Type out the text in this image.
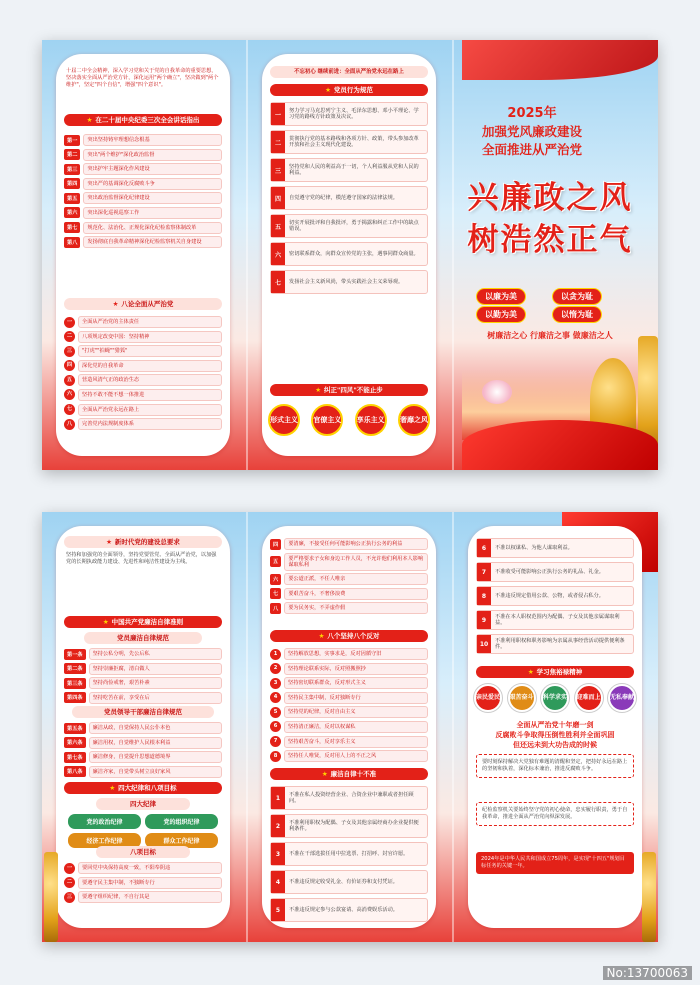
十届二中全会精神，深入学习党和关于党的自我革命的重要思想，坚决落实全面从严治党方针，深化运用"两个确立"，坚决做到"两个维护"，坚定"四个自信"，增强"四个意识"。
★ 在二十届中央纪委三次全会讲话指出
第一	突出坚持铸牢理想信念根基
第二	突出"两个维护"深化政治监督
第三	突出护牢主题深化作风建设
第四	突出严的基调深化反腐败斗争
第五	突出政治监督深化纪律建设
第六	突出深化巡视巡察工作
第七	规范化、法治化、正规化深化纪检监察体制改革
第八	发扬彻底自我革命精神深化纪检监察机关自身建设
★ 八论全面从严治党
一	全面从严治党的主体责任
二	八项规定改变中国：坚持精神
三	"打虎""拍蝇""猎狐"
四	深化党的自我革命
五	营造风清气正的政治生态
六	坚持不敢不能不想一体推进
七	全面从严治党永远在路上
八	完善党内法规制度体系
不忘初心 继续前进：全面从严治党永远在路上
★ 党员行为规范
一
努力学习马克思列宁主义、毛泽东思想、邓小平理论、学习党的路线方针政策及决议。
二
贯彻执行党的基本路线和各项方针、政策，带头参加改革开放和社会主义现代化建设。
三
坚持党和人民的利益高于一切，个人利益服从党和人民的利益。
四	自觉遵守党的纪律，模范遵守国家的法律法规。
五
切实开展批评和自我批评，勇于揭露和纠正工作中的缺点错误。
六	密切联系群众，向群众宣传党的主张，遇事同群众商量。
七	发扬社会主义新风尚，带头实践社会主义荣辱观。
★ 纠正"四风"不能止步
形式主义 官僚主义 享乐主义 奢靡之风
2025年
加强党风廉政建设
全面推进从严治党
兴廉政之风
树浩然正气
以廉为美	以贪为耻
以勤为美	以惰为耻
树廉洁之心 行廉洁之事 做廉洁之人
★ 新时代党的建设总要求
坚持和加强党的全面领导，坚持党要管党、全面从严治党，以加强党的长期执政能力建设、先进性和纯洁性建设为主线。
★ 中国共产党廉洁自律准则
党员廉洁自律规范
第一条	坚持公私分明，先公后私
第二条	坚持崇廉拒腐，清白做人
第三条	坚持尚俭戒奢，艰苦朴素
第四条	坚持吃苦在前，享受在后
党员领导干部廉洁自律规范
第五条	廉洁从政，自觉保持人民公仆本色
第六条	廉洁用权，自觉维护人民根本利益
第七条	廉洁修身，自觉提升思想道德境界
第八条	廉洁齐家，自觉带头树立良好家风
★ 四大纪律和八项目标
四大纪律
党的政治纪律	党的组织纪律
经济工作纪律	群众工作纪律
八项目标
一	要回党中央保持高度一致，不阳奉阴违
二	要遵守民主集中制，不独断专行
三	要遵守组织纪律，不自行其是
四	要清廉，不接受任何可能影响公正执行公务的利益
五
要严格要求子女和身边工作人员，不允许他们利用本人影响谋取私利
六	要公道正派，不任人唯亲
七	要艰苦奋斗，不奢侈浪费
八	要为民务实，不弄虚作假
★ 八个坚持八个反对
1	坚持解放思想，实事求是，反对因循守旧
2	坚持理论联系实际，反对照搬照抄
3	坚持密切联系群众，反对形式主义
4	坚持民主集中制，反对独断专行
5	坚持党的纪律，反对自由主义
6	坚持清正廉洁，反对以权谋私
7	坚持艰苦奋斗，反对享乐主义
8	坚持任人唯贤，反对用人上的不正之风
★ 廉洁自律十不准
1	不准在私人投资经营企业、合资企业中兼职或者担任顾问。
2	不准利用职权为配偶、子女及其他亲属经商办企业提供便利条件。
3	不准在干部选拔任用中拉选票、打招呼、封官许愿。
4	不准违反规定收受礼金、有价证券和支付凭证。
5	不准违反规定参与公款宴请、高消费娱乐活动。
6	不准以权谋私、为他人谋取利益。
7	不准收受可能影响公正执行公务的礼品、礼金。
8	不准违反规定借用公款、公物，或者侵占私分。
9	不准在本人职权范围内为配偶、子女及其他亲属谋取利益。
10	不准利用职权和职务影响为亲属从事经营活动提供便利条件。
★ 学习焦裕禄精神
亲民爱民	艰苦奋斗	科学求实	迎难而上	无私奉献
全面从严治党十年磨一剑
反腐败斗争取得压倒性胜利并全面巩固
但还远未到大功告成的时候
要时刻保持解决大党独有难题的清醒和坚定，把持好永远在路上的坚韧和执着，深化标本兼治，推进反腐败斗争。
纪检监察机关要始终坚守党的初心使命，忠实履行职责，勇于自我革命，推进全面从严治党向纵深发展。
2024年是中华人民共和国成立75周年，是实现"十四五"规划目标任务的关键一年。
No:13700063
